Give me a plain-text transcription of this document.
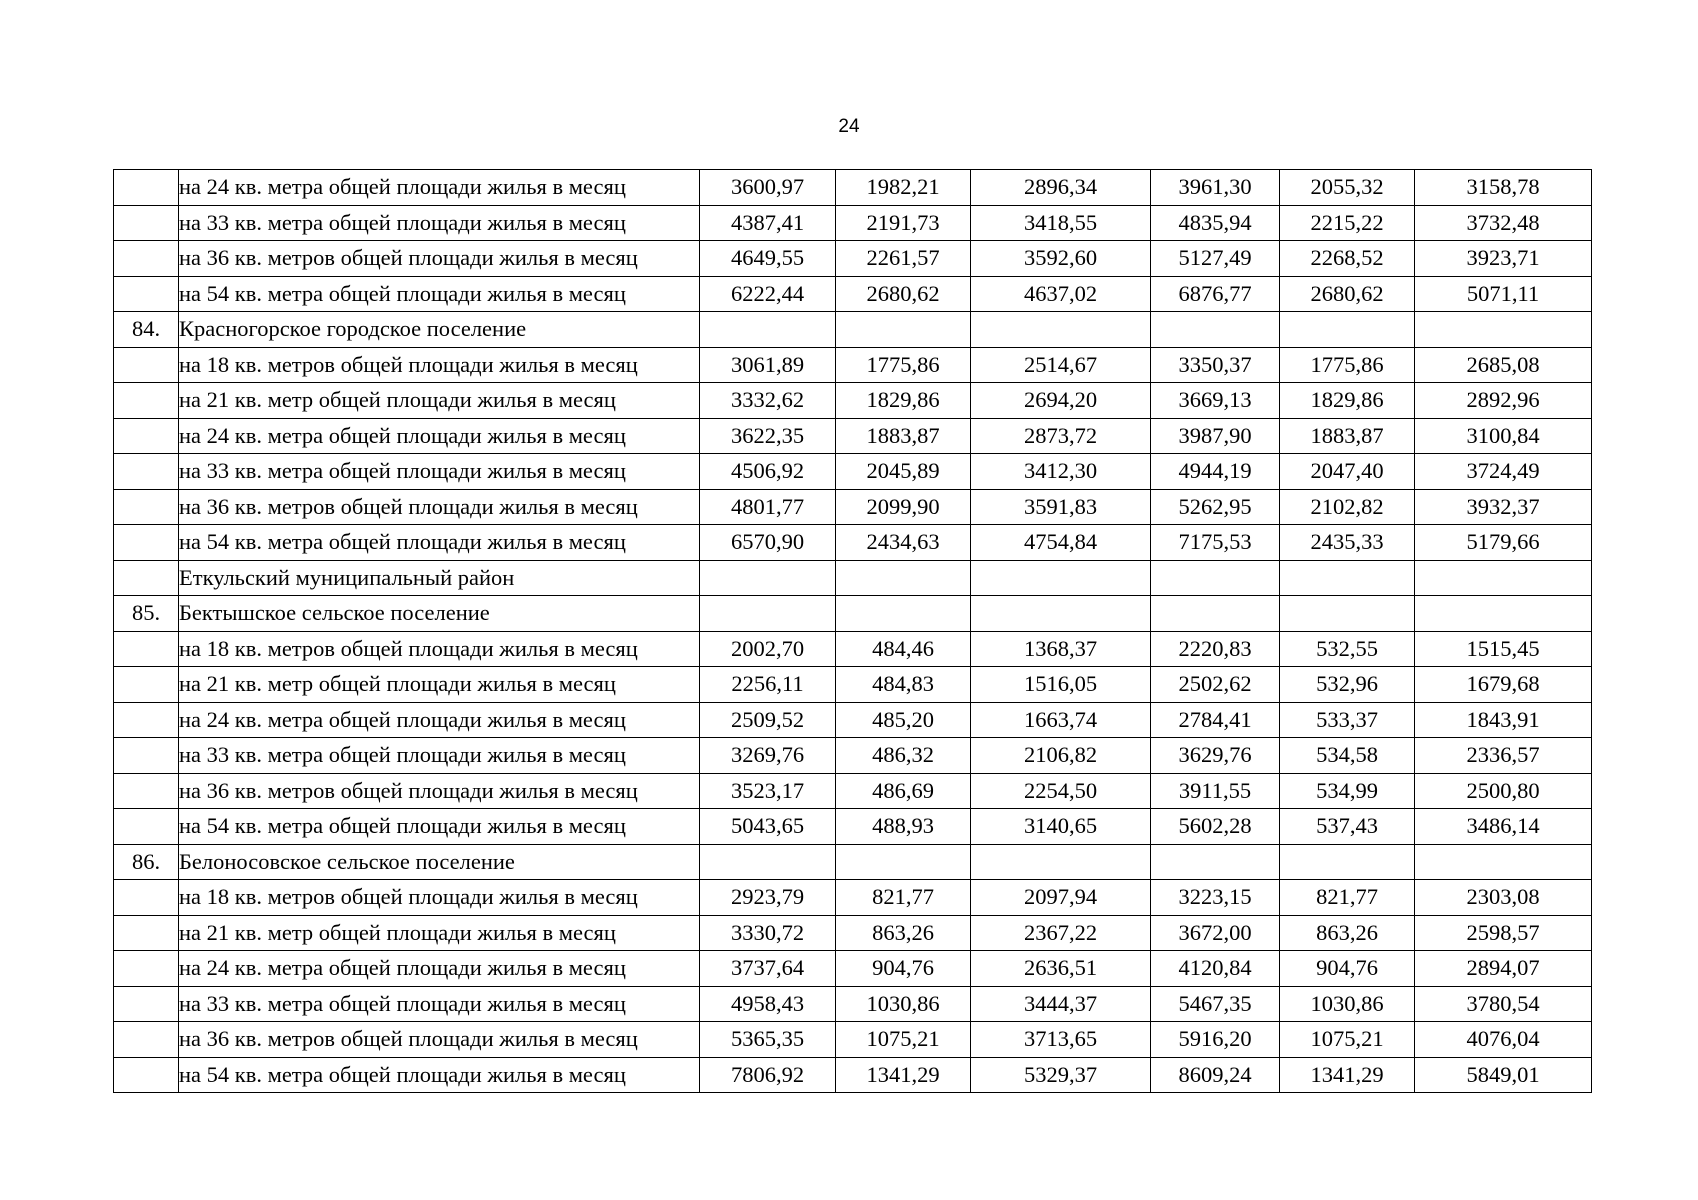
24
	на 24 кв. метра общей площади жилья в месяц	3600,97	1982,21	2896,34	3961,30	2055,32	3158,78
	на 33 кв. метра общей площади жилья в месяц	4387,41	2191,73	3418,55	4835,94	2215,22	3732,48
	на 36 кв. метров общей площади жилья в месяц	4649,55	2261,57	3592,60	5127,49	2268,52	3923,71
	на 54 кв. метра общей площади жилья в месяц	6222,44	2680,62	4637,02	6876,77	2680,62	5071,11
84.	Красногорское городское поселение						
	на 18 кв. метров общей площади жилья в месяц	3061,89	1775,86	2514,67	3350,37	1775,86	2685,08
	на 21 кв. метр общей площади жилья в месяц	3332,62	1829,86	2694,20	3669,13	1829,86	2892,96
	на 24 кв. метра общей площади жилья в месяц	3622,35	1883,87	2873,72	3987,90	1883,87	3100,84
	на 33 кв. метра общей площади жилья в месяц	4506,92	2045,89	3412,30	4944,19	2047,40	3724,49
	на 36 кв. метров общей площади жилья в месяц	4801,77	2099,90	3591,83	5262,95	2102,82	3932,37
	на 54 кв. метра общей площади жилья в месяц	6570,90	2434,63	4754,84	7175,53	2435,33	5179,66
	Еткульский муниципальный район						
85.	Бектышское сельское поселение						
	на 18 кв. метров общей площади жилья в месяц	2002,70	484,46	1368,37	2220,83	532,55	1515,45
	на 21 кв. метр общей площади жилья в месяц	2256,11	484,83	1516,05	2502,62	532,96	1679,68
	на 24 кв. метра общей площади жилья в месяц	2509,52	485,20	1663,74	2784,41	533,37	1843,91
	на 33 кв. метра общей площади жилья в месяц	3269,76	486,32	2106,82	3629,76	534,58	2336,57
	на 36 кв. метров общей площади жилья в месяц	3523,17	486,69	2254,50	3911,55	534,99	2500,80
	на 54 кв. метра общей площади жилья в месяц	5043,65	488,93	3140,65	5602,28	537,43	3486,14
86.	Белоносовское сельское поселение						
	на 18 кв. метров общей площади жилья в месяц	2923,79	821,77	2097,94	3223,15	821,77	2303,08
	на 21 кв. метр общей площади жилья в месяц	3330,72	863,26	2367,22	3672,00	863,26	2598,57
	на 24 кв. метра общей площади жилья в месяц	3737,64	904,76	2636,51	4120,84	904,76	2894,07
	на 33 кв. метра общей площади жилья в месяц	4958,43	1030,86	3444,37	5467,35	1030,86	3780,54
	на 36 кв. метров общей площади жилья в месяц	5365,35	1075,21	3713,65	5916,20	1075,21	4076,04
	на 54 кв. метра общей площади жилья в месяц	7806,92	1341,29	5329,37	8609,24	1341,29	5849,01
